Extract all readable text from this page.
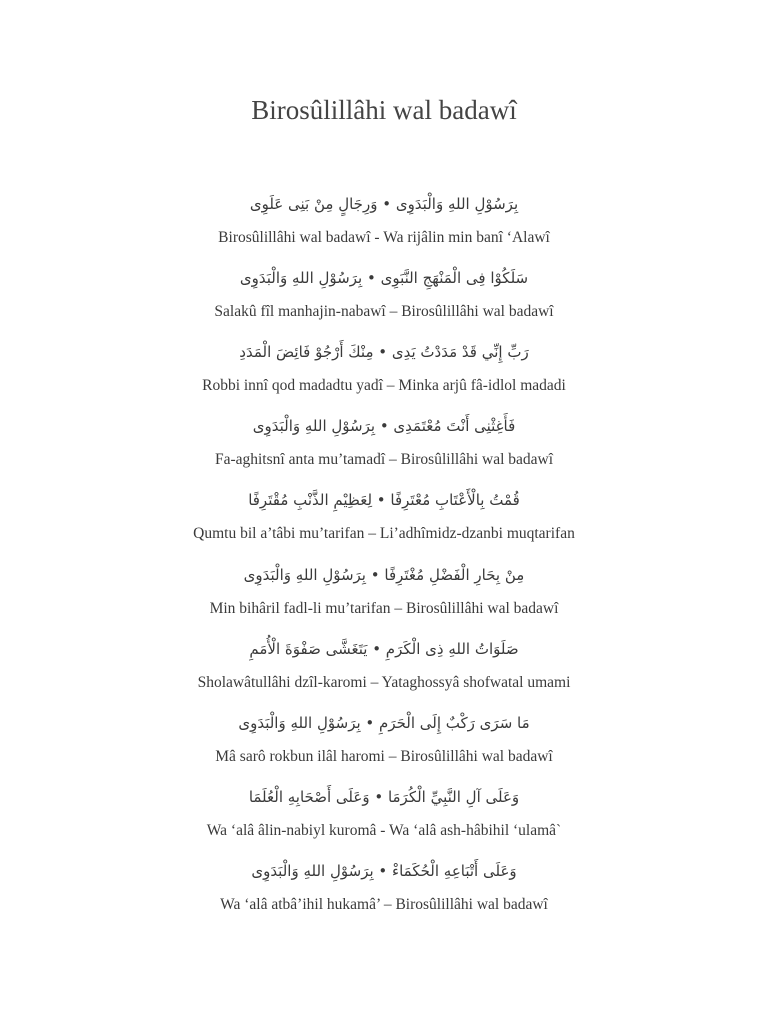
Birosûlillâhi wal badawî
بِرَسُوْلِ اللهِ وَالْبَدَوِى • وَرِجَالٍ مِنْ بَنِى عَلَوِى
Birosûlillâhi wal badawî - Wa rijâlin min banî ‘Alawî
سَلَكُوْا فِى الْمَنْهَجِ النَّبَوِى • بِرَسُوْلِ اللهِ وَالْبَدَوِى
Salakû fîl manhajin-nabawî – Birosûlillâhi wal badawî
رَبِّ إِنِّي قَدْ مَدَدْتُ يَدِى • مِنْكَ أَرْجُوْ فَائِضَ الْمَدَدِ
Robbi innî qod madadtu yadî – Minka arjû fâ-idlol madadi
فَأَغِثْنِى أَنْتَ مُعْتَمَدِى • بِرَسُوْلِ اللهِ وَالْبَدَوِى
Fa-aghitsnî anta mu’tamadî – Birosûlillâhi wal badawî
قُمْتُ بِالْأَعْتَابِ مُعْتَرِفًا • لِعَظِيْمِ الذَّنْبِ مُقْتَرِفًا
Qumtu bil a’tâbi mu’tarifan – Li’adhîmidz-dzanbi muqtarifan
مِنْ بِحَارِ الْفَضْلِ مُغْتَرِفًا • بِرَسُوْلِ اللهِ وَالْبَدَوِى
Min bihâril fadl-li mu’tarifan – Birosûlillâhi wal badawî
صَلَوَاتُ اللهِ ذِى الْكَرَمِ • يَتَغَشَّى صَفْوَةَ الْأُمَمِ
Sholawâtullâhi dzîl-karomi – Yataghossyâ shofwatal umami
مَا سَرَى رَكْبٌ إِلَى الْحَرَمِ • بِرَسُوْلِ اللهِ وَالْبَدَوِى
Mâ sarô rokbun ilâl haromi – Birosûlillâhi wal badawî
وَعَلَى آلِ النَّبِيِّ الْكُرَمَا • وَعَلَى أَصْحَابِهِ الْعُلَمَا
Wa ‘alâ âlin-nabiyl kuromâ - Wa ‘alâ ash-hâbihil ‘ulamâ`
وَعَلَى أَتْبَاعِهِ الْحُكَمَاءْ • بِرَسُوْلِ اللهِ وَالْبَدَوِى
Wa ‘alâ atbâ’ihil hukamâ’ – Birosûlillâhi wal badawî
